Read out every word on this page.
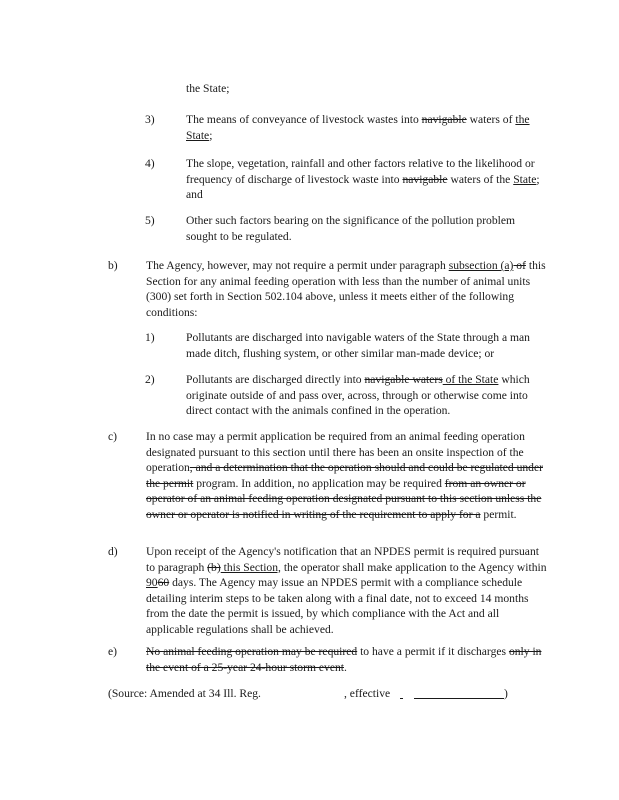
the State;
3)	The means of conveyance of livestock wastes into navigable waters of the State;
4)	The slope, vegetation, rainfall and other factors relative to the likelihood or frequency of discharge of livestock waste into navigable waters of the State; and
5)	Other such factors bearing on the significance of the pollution problem sought to be regulated.
b) The Agency, however, may not require a permit under paragraph subsection (a) of this Section for any animal feeding operation with less than the number of animal units (300) set forth in Section 502.104 above, unless it meets either of the following conditions:
1)	Pollutants are discharged into navigable waters of the State through a man made ditch, flushing system, or other similar man-made device; or
2)	Pollutants are discharged directly into navigable waters of the State which originate outside of and pass over, across, through or otherwise come into direct contact with the animals confined in the operation.
c) In no case may a permit application be required from an animal feeding operation designated pursuant to this section until there has been an onsite inspection of the operation, and a determination that the operation should and could be regulated under the permit program. In addition, no application may be required from an owner or operator of an animal feeding operation designated pursuant to this section unless the owner or operator is notified in writing of the requirement to apply for a permit.
d) Upon receipt of the Agency's notification that an NPDES permit is required pursuant to paragraph (b) this Section, the operator shall make application to the Agency within 9060 days. The Agency may issue an NPDES permit with a compliance schedule detailing interim steps to be taken along with a final date, not to exceed 14 months from the date the permit is issued, by which compliance with the Act and all applicable regulations shall be achieved.
e) No animal feeding operation may be required to have a permit if it discharges only in the event of a 25-year 24-hour storm event.
(Source: Amended at 34 Ill. Reg.	, effective	)
